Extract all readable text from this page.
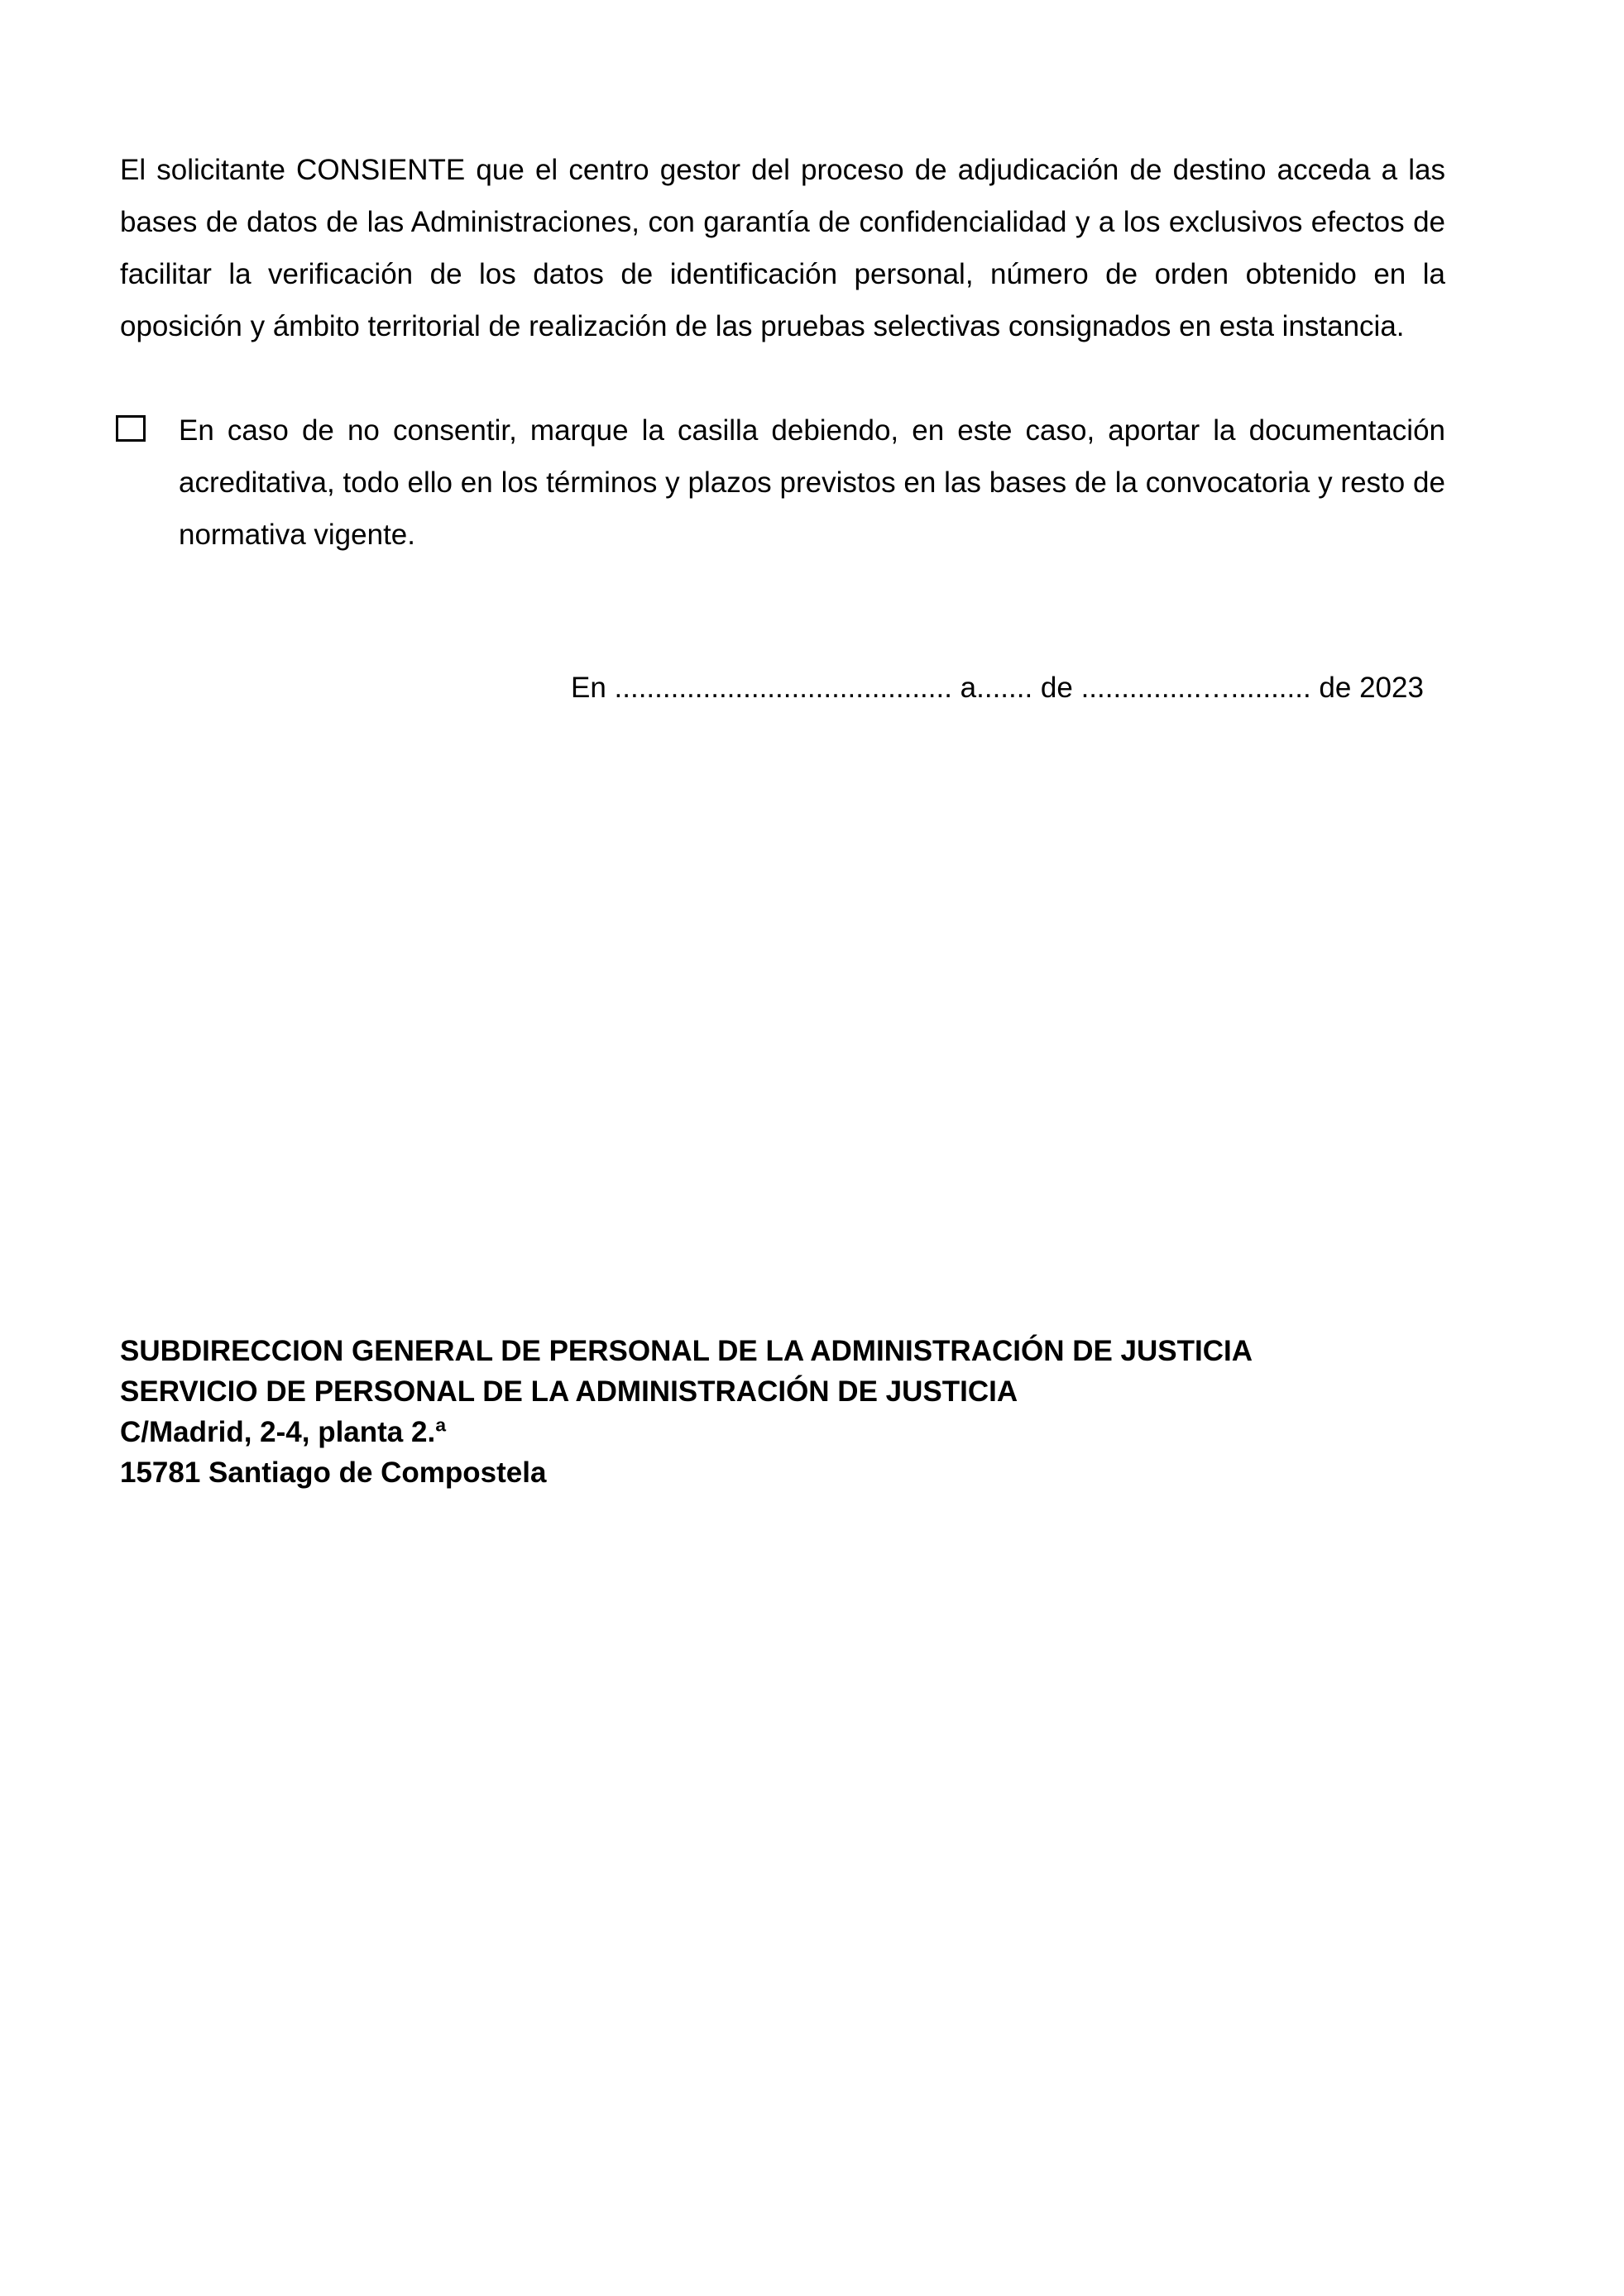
El solicitante CONSIENTE que el centro gestor del proceso de adjudicación de destino acceda a las bases de datos de las Administraciones, con garantía de confidencialidad y a los exclusivos efectos de facilitar la verificación de los datos de identificación personal, número de orden obtenido en la oposición y ámbito territorial de realización de las pruebas selectivas consignados en esta instancia.

En caso de no consentir, marque la casilla debiendo, en este caso, aportar la documentación acreditativa, todo ello en los términos y plazos previstos en las bases de la convocatoria y resto de normativa vigente.

En .......................................... a....... de ...............….......... de 2023

SUBDIRECCION GENERAL DE PERSONAL DE LA ADMINISTRACIÓN DE JUSTICIA
SERVICIO DE PERSONAL DE LA ADMINISTRACIÓN DE JUSTICIA
C/Madrid, 2-4, planta 2.ª
15781 Santiago de Compostela
